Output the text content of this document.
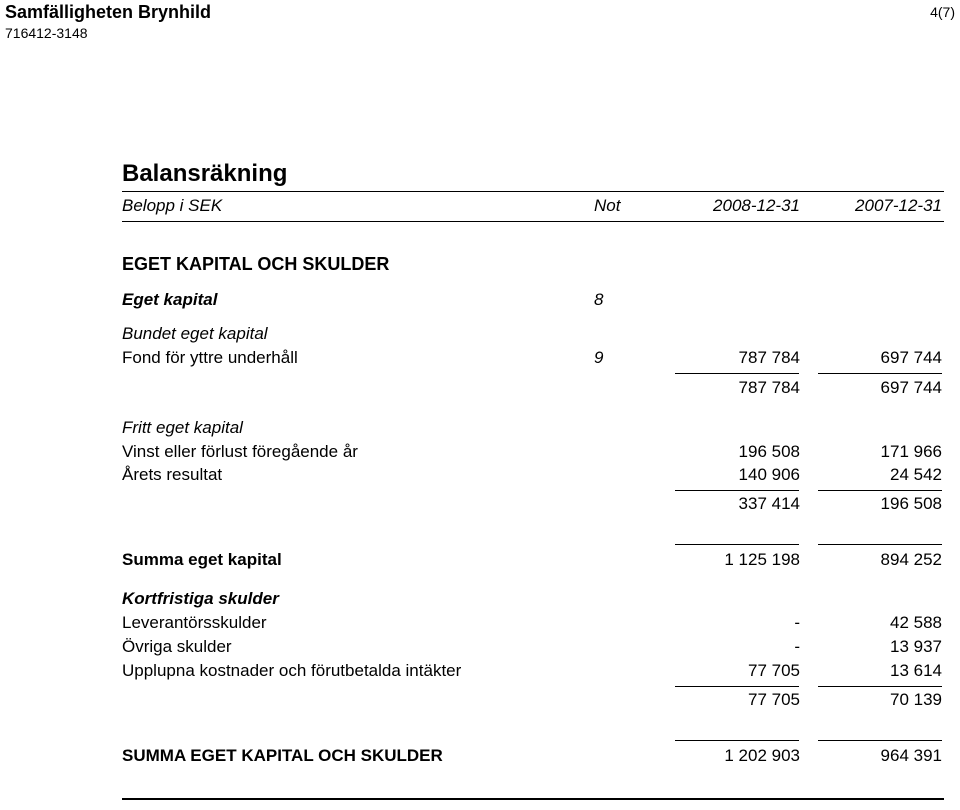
Samfälligheten Brynhild
716412-3148
4(7)
Balansräkning
Belopp i SEK	Not	2008-12-31	2007-12-31
EGET KAPITAL OCH SKULDER
Eget kapital	8
Bundet eget kapital
Fond för yttre underhåll	9	787 784	697 744
787 784	697 744
Fritt eget kapital
Vinst eller förlust föregående år	196 508	171 966
Årets resultat	140 906	24 542
337 414	196 508
Summa eget kapital	1 125 198	894 252
Kortfristiga skulder
Leverantörsskulder	-	42 588
Övriga skulder	-	13 937
Upplupna kostnader och förutbetalda intäkter	77 705	13 614
77 705	70 139
SUMMA EGET KAPITAL OCH SKULDER	1 202 903	964 391
